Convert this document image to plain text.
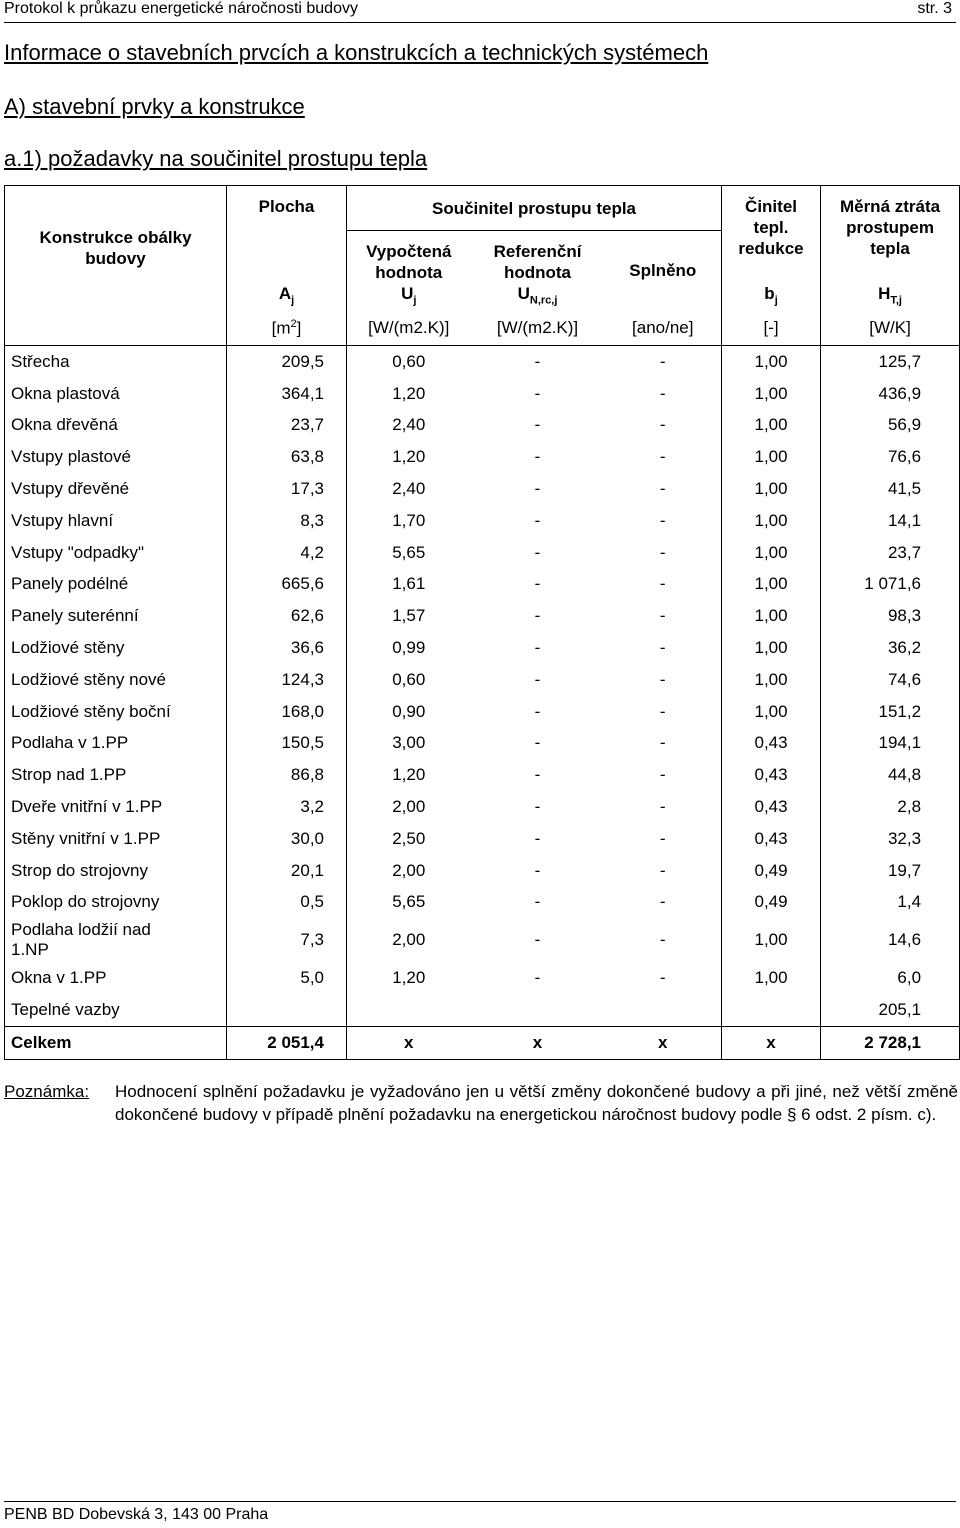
Protokol k průkazu energetické náročnosti budovy	str. 3
Informace o stavebních prvcích a konstrukcích a technických systémech
A) stavební prvky a konstrukce
a.1) požadavky na součinitel prostupu tepla
Konstrukce obálky budovy	Plocha	Součinitel prostupu tepla			Činitel tepl. redukce	Měrná ztráta prostupem tepla
		Vypočtená hodnota	Referenční hodnota	Splněno		
	$A_j$	$U_j$	$U_{N,rc,j}$		$b_j$	$H_{T,j}$
	$[m^2]$	[W/(m2.K)]	[W/(m2.K)]	[ano/ne]	[-]	[W/K]
Střecha	209,5	0,60	-	-	1,00	125,7
Okna plastová	364,1	1,20	-	-	1,00	436,9
Okna dřevěná	23,7	2,40	-	-	1,00	56,9
Vstupy plastové	63,8	1,20	-	-	1,00	76,6
Vstupy dřevěné	17,3	2,40	-	-	1,00	41,5
Vstupy hlavní	8,3	1,70	-	-	1,00	14,1
Vstupy "odpadky"	4,2	5,65	-	-	1,00	23,7
Panely podélné	665,6	1,61	-	-	1,00	1 071,6
Panely suterénní	62,6	1,57	-	-	1,00	98,3
Lodžiové stěny	36,6	0,99	-	-	1,00	36,2
Lodžiové stěny nové	124,3	0,60	-	-	1,00	74,6
Lodžiové stěny boční	168,0	0,90	-	-	1,00	151,2
Podlaha v 1.PP	150,5	3,00	-	-	0,43	194,1
Strop nad 1.PP	86,8	1,20	-	-	0,43	44,8
Dveře vnitřní v 1.PP	3,2	2,00	-	-	0,43	2,8
Stěny vnitřní v 1.PP	30,0	2,50	-	-	0,43	32,3
Strop do strojovny	20,1	2,00	-	-	0,49	19,7
Poklop do strojovny	0,5	5,65	-	-	0,49	1,4

Podlaha lodžií nad
1.NP	7,3	2,00	-	-	1,00	14,6
Okna v 1.PP	5,0	1,20	-	-	1,00	6,0
Tepelné vazby						205,1
Celkem	2 051,4	x	x	x	x	2 728,1
Poznámka: Hodnocení splnění požadavku je vyžadováno jen u větší změny dokončené budovy a při jiné, než větší změně dokončené budovy v případě plnění požadavku na energetickou náročnost budovy podle § 6 odst. 2 písm. c).
PENB BD Dobevská 3, 143 00 Praha
